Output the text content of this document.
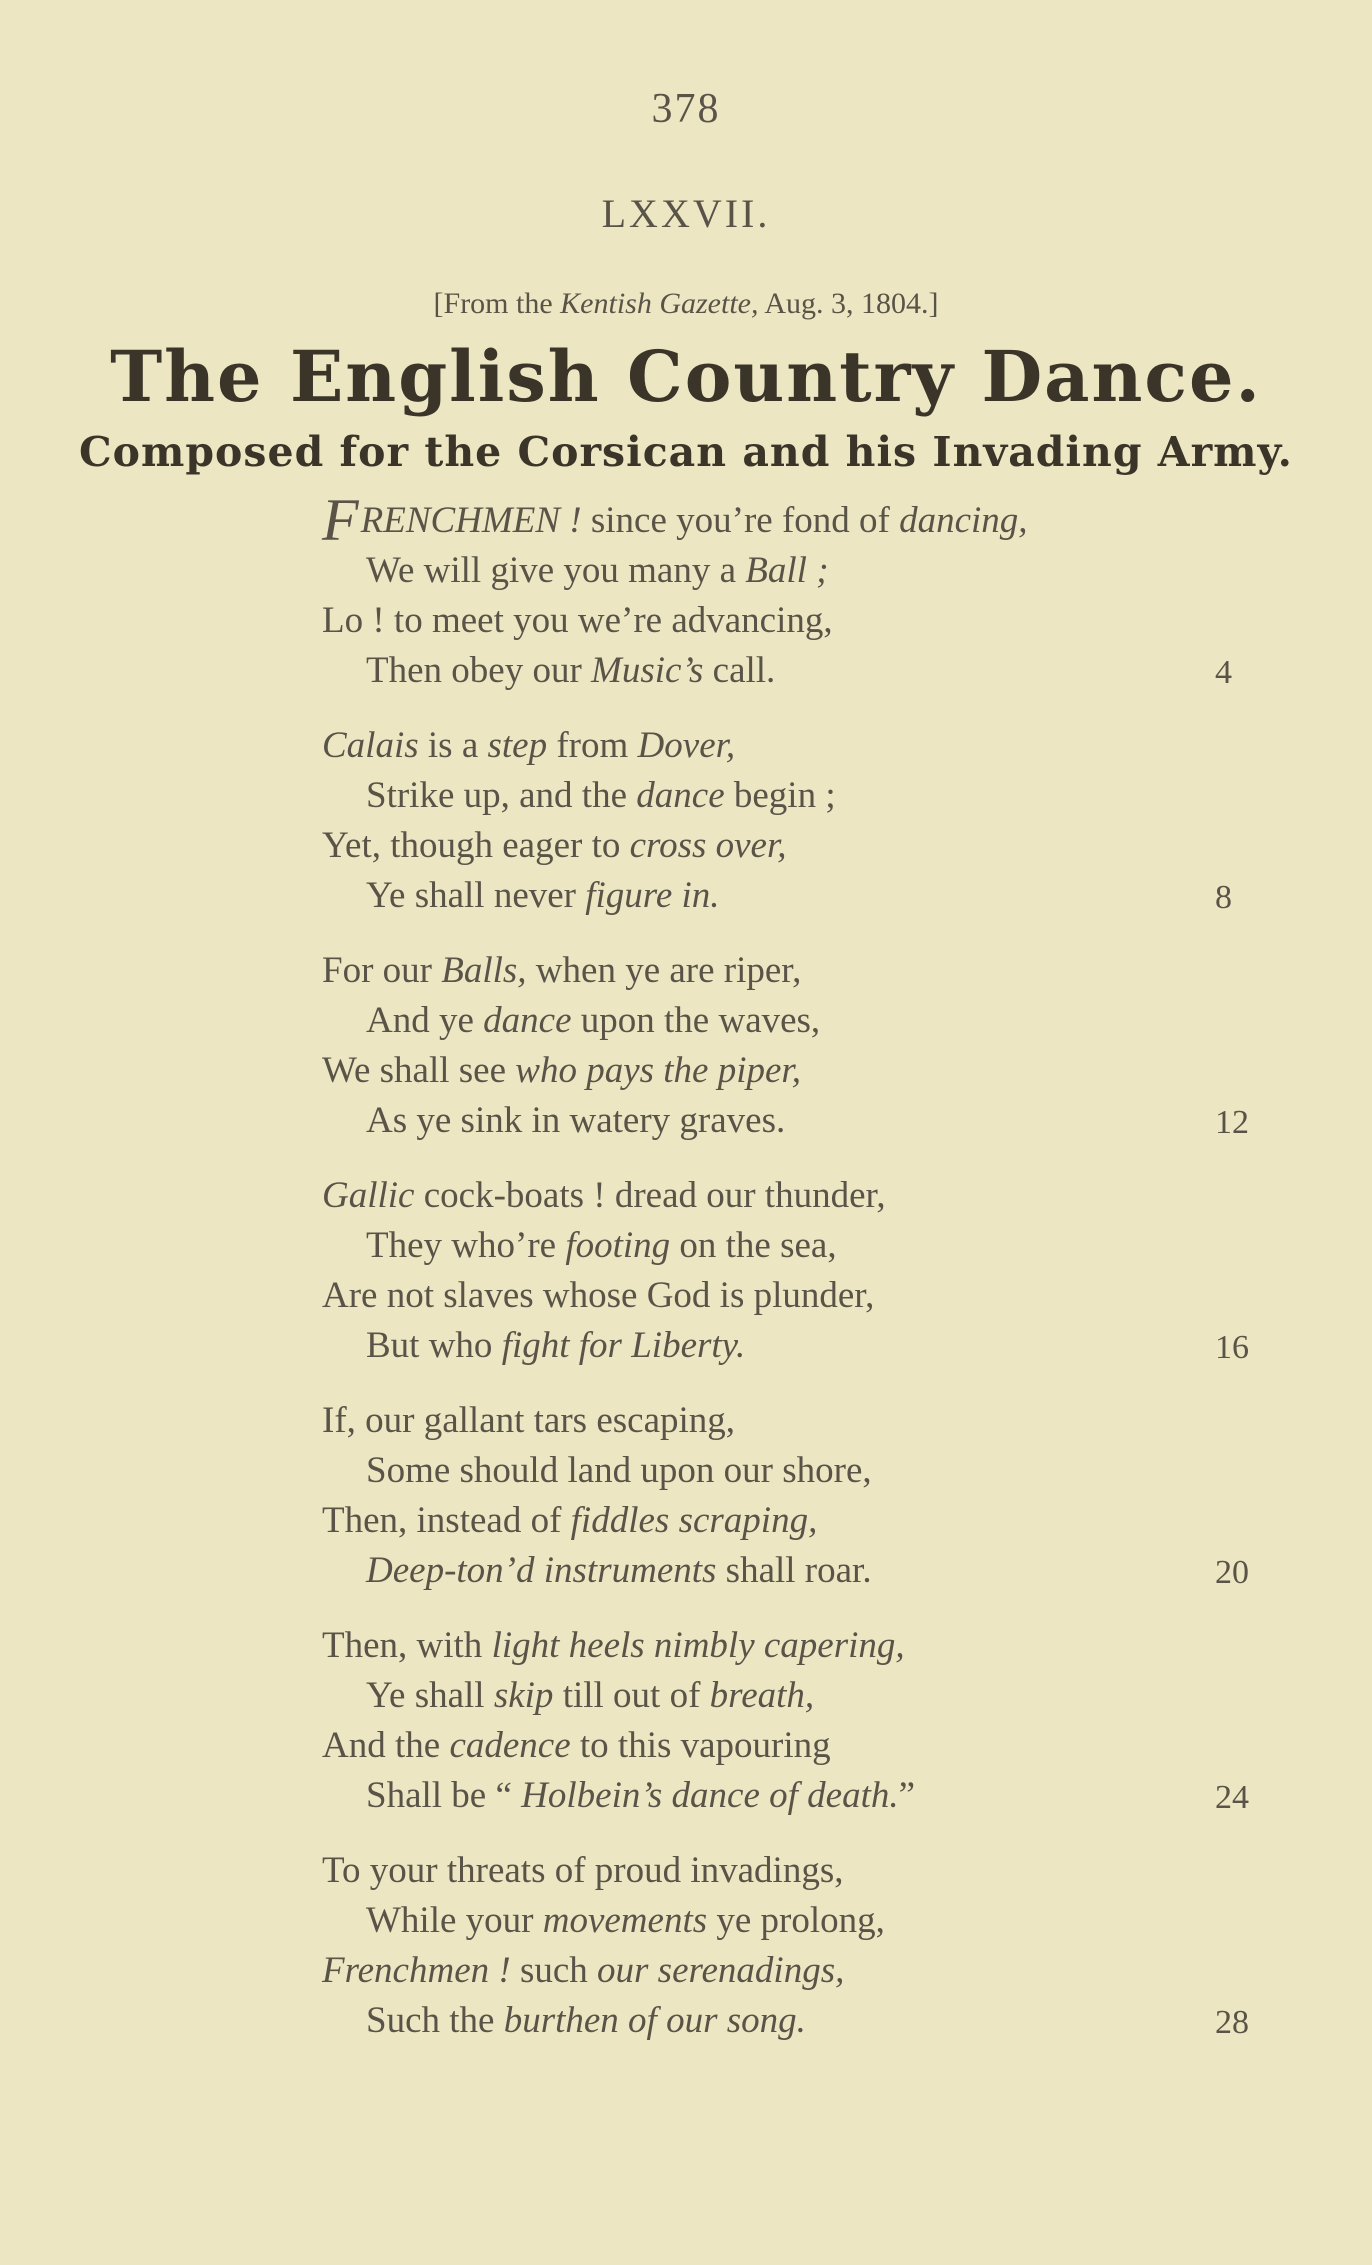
378
LXXVII.
[From the Kentish Gazette, Aug. 3, 1804.]
The English Country Dance.
Composed for the Corsican and his Invading Army.
FRENCHMEN ! since you’re fond of dancing,
We will give you many a Ball ;
Lo ! to meet you we’re advancing,
Then obey our Music’s call.	4
Calais is a step from Dover,
Strike up, and the dance begin ;
Yet, though eager to cross over,
Ye shall never figure in.	8
For our Balls, when ye are riper,
And ye dance upon the waves,
We shall see who pays the piper,
As ye sink in watery graves.	12
Gallic cock-boats ! dread our thunder,
They who’re footing on the sea,
Are not slaves whose God is plunder,
But who fight for Liberty.	16
If, our gallant tars escaping,
Some should land upon our shore,
Then, instead of fiddles scraping,
Deep-ton’d instruments shall roar.	20
Then, with light heels nimbly capering,
Ye shall skip till out of breath,
And the cadence to this vapouring
Shall be “ Holbein’s dance of death.”	24
To your threats of proud invadings,
While your movements ye prolong,
Frenchmen ! such our serenadings,
Such the burthen of our song.	28
